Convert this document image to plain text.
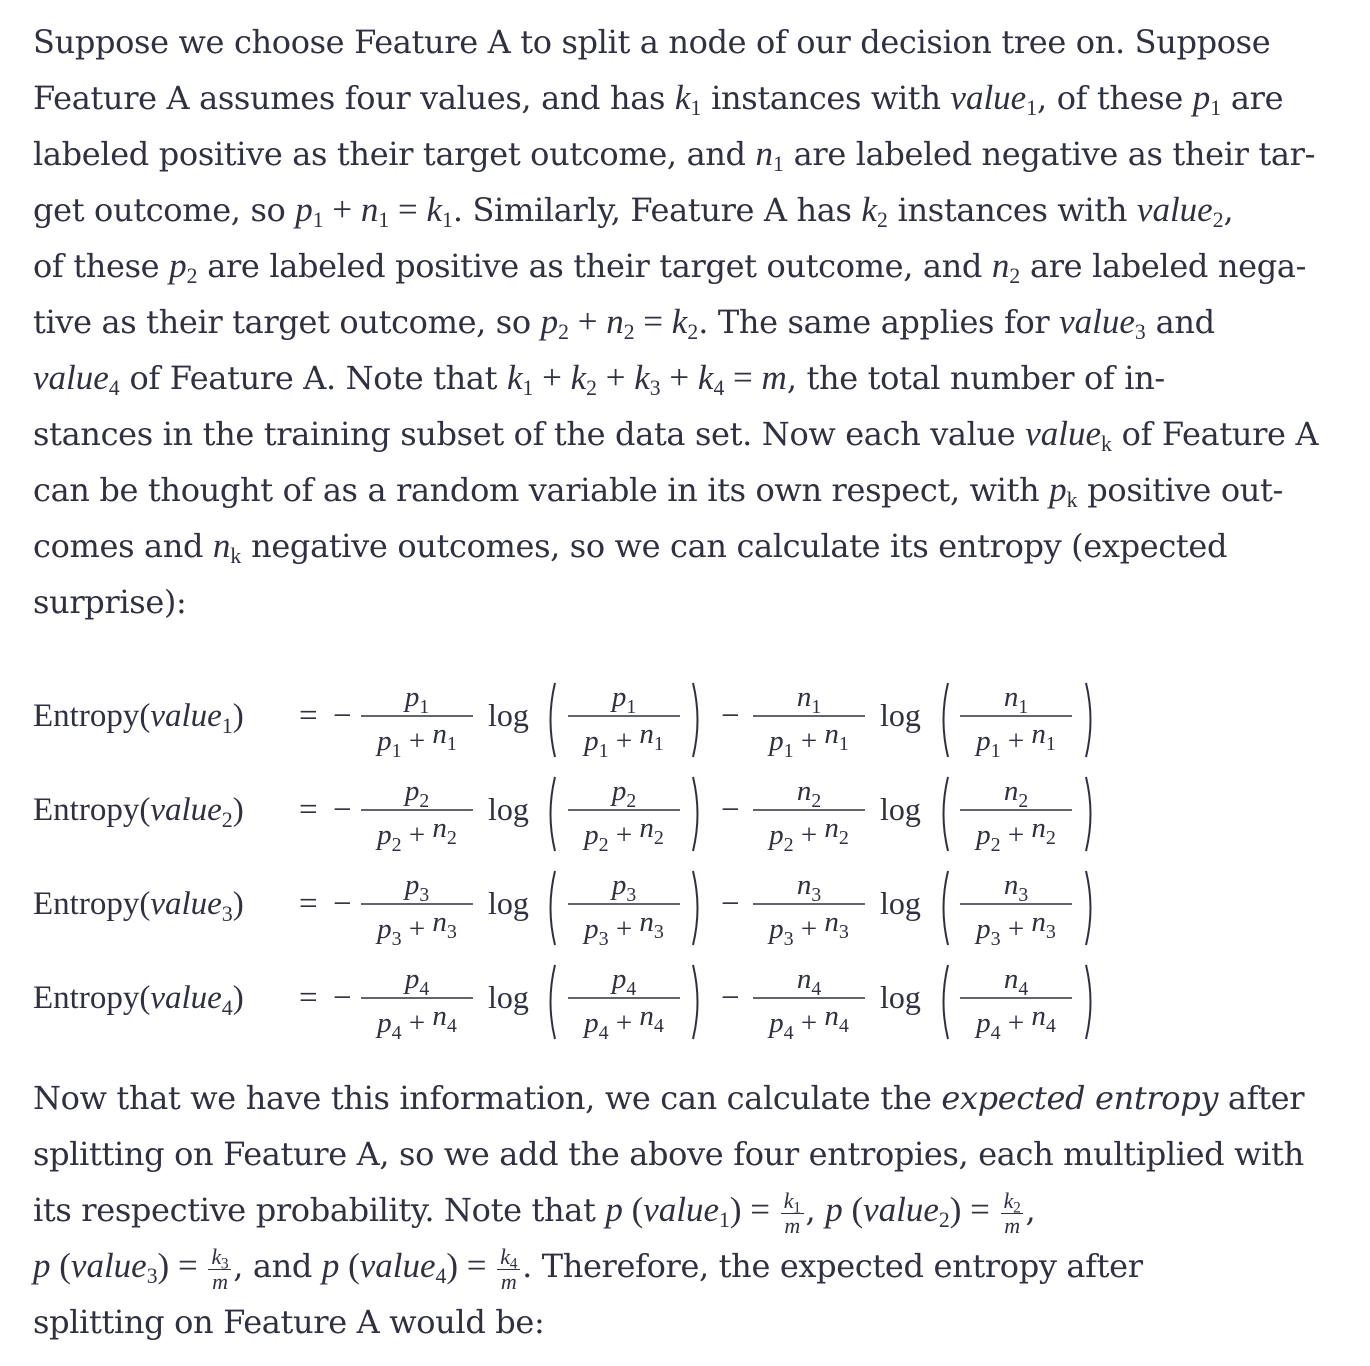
Suppose we choose Feature A to split a node of our decision tree on. Suppose
Feature A assumes four values, and has $k_1$ instances with value$_1$, of these $p_1$ are
labeled positive as their target outcome, and $n_1$ are labeled negative as their tar-
get outcome, so $p_1 + n_1 = k_1$. Similarly, Feature A has $k_2$ instances with value$_2$,
of these $p_2$ are labeled positive as their target outcome, and $n_2$ are labeled nega-
tive as their target outcome, so $p_2 + n_2 = k_2$. The same applies for value$_3$ and
value$_4$ of Feature A. Note that $k_1 + k_2 + k_3 + k_4 = m$, the total number of in-
stances in the training subset of the data set. Now each value value$_k$ of Feature A
can be thought of as a random variable in its own respect, with $p_k$ positive out-
comes and $n_k$ negative outcomes, so we can calculate its entropy (expected
surprise):
Entropy(value$_1$) = −
$p_1$
$p_1 + n_1$
log	$p_1$
$p_1 + n_1$
−
$n_1$
$p_1 + n_1$
log	$n_1$
$p_1 + n_1$
Entropy(value$_2$) = −
$p_2$
$p_2 + n_2$
log	$p_2$
$p_2 + n_2$
−
$n_2$
$p_2 + n_2$
log	$n_2$
$p_2 + n_2$
Entropy(value$_3$) = −
$p_3$
$p_3 + n_3$
log	$p_3$
$p_3 + n_3$
−
$n_3$
$p_3 + n_3$
log	$n_3$
$p_3 + n_3$
Entropy(value$_4$) = −
$p_4$
$p_4 + n_4$
log	$p_4$
$p_4 + n_4$
−
$n_4$
$p_4 + n_4$
log	$n_4$
$p_4 + n_4$
Now that we have this information, we can calculate the expected entropy after
splitting on Feature A, so we add the above four entropies, each multiplied with
its respective probability. Note that p (value$_1$) = $\frac{k_1}{m}$ , p (value$_2$) = $\frac{k_2}{m}$ ,
p (value$_3$) = $\frac{k_3}{m}$ , and p (value$_4$) = $\frac{k_4}{m}$ . Therefore, the expected entropy after
splitting on Feature A would be:
